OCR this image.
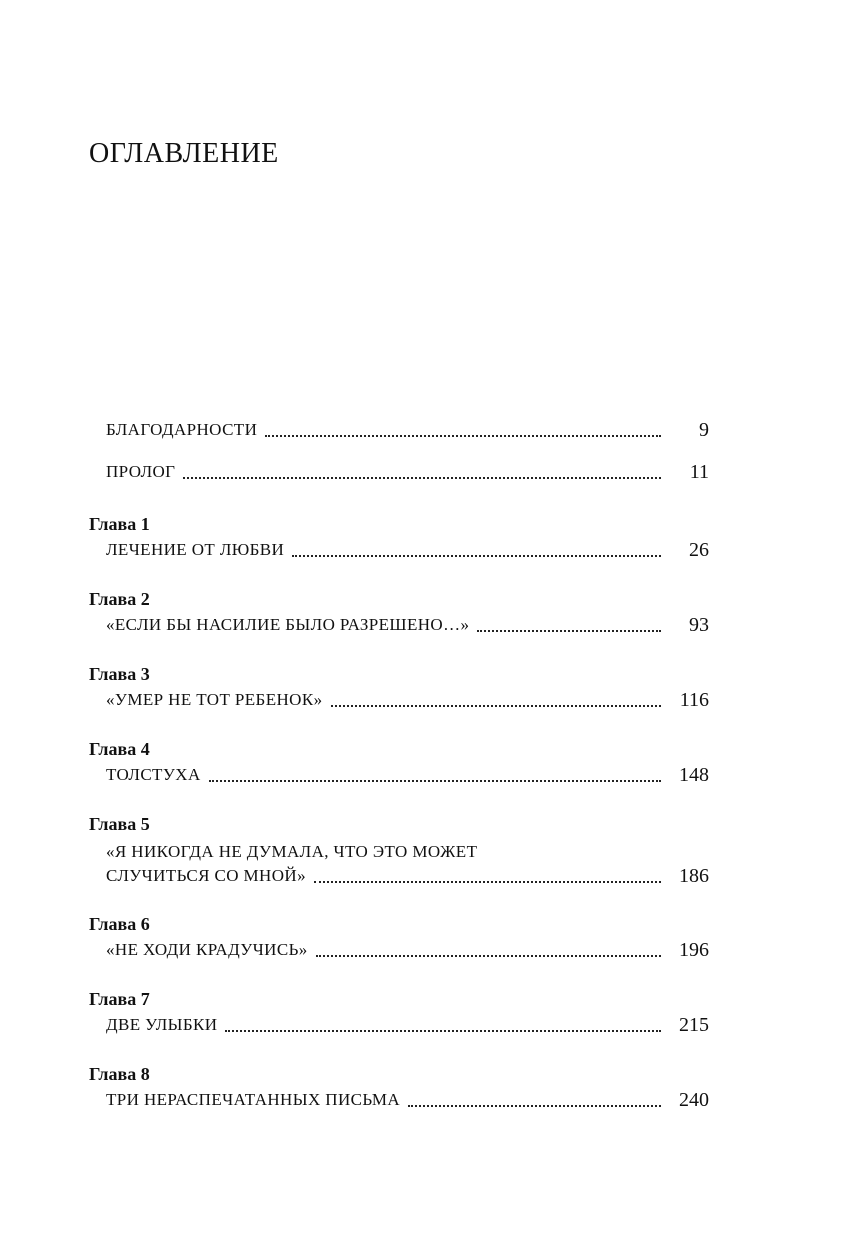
ОГЛАВЛЕНИЕ
БЛАГОДАРНОСТИ	9
ПРОЛОГ	11
Глава 1
ЛЕЧЕНИЕ ОТ ЛЮБВИ	26
Глава 2
«ЕСЛИ БЫ НАСИЛИЕ БЫЛО РАЗРЕШЕНО…»	93
Глава 3
«УМЕР НЕ ТОТ РЕБЕНОК»	116
Глава 4
ТОЛСТУХА	148
Глава 5
«Я НИКОГДА НЕ ДУМАЛА, ЧТО ЭТО МОЖЕТ
СЛУЧИТЬСЯ СО МНОЙ»	186
Глава 6
«НЕ ХОДИ КРАДУЧИСЬ»	196
Глава 7
ДВЕ УЛЫБКИ	215
Глава 8
ТРИ НЕРАСПЕЧАТАННЫХ ПИСЬМА	240
